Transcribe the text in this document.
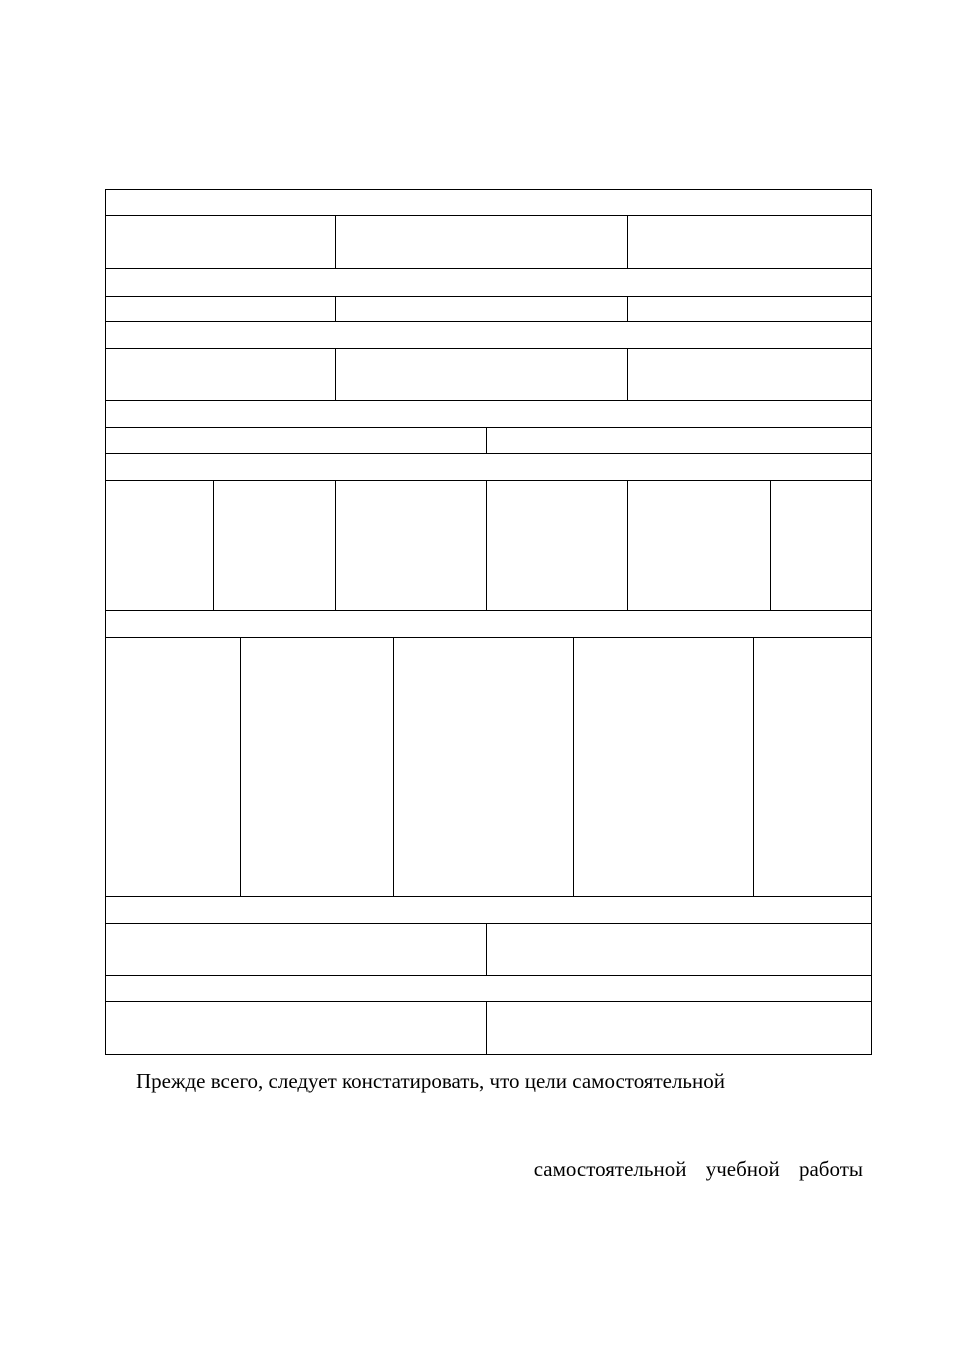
Прежде всего, следует констатировать, что цели самостоятельной
самостоятельной учебной работы
